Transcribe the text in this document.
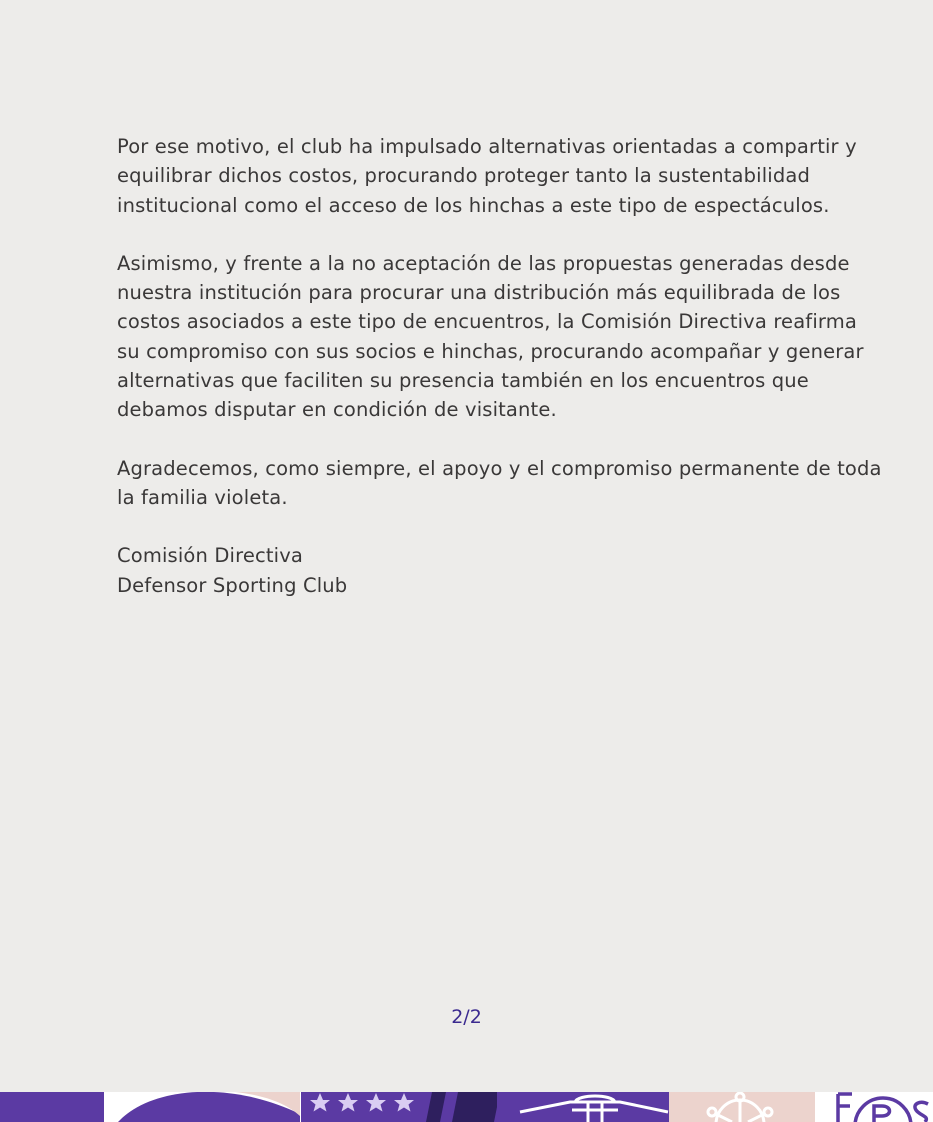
Por ese motivo, el club ha impulsado alternativas orientadas a compartir y
equilibrar dichos costos, procurando proteger tanto la sustentabilidad
institucional como el acceso de los hinchas a este tipo de espectáculos.

Asimismo, y frente a la no aceptación de las propuestas generadas desde
nuestra institución para procurar una distribución más equilibrada de los
costos asociados a este tipo de encuentros, la Comisión Directiva reafirma
su compromiso con sus socios e hinchas, procurando acompañar y generar
alternativas que faciliten su presencia también en los encuentros que
debamos disputar en condición de visitante.

Agradecemos, como siempre, el apoyo y el compromiso permanente de toda
la familia violeta.

Comisión Directiva
Defensor Sporting Club

2/2
